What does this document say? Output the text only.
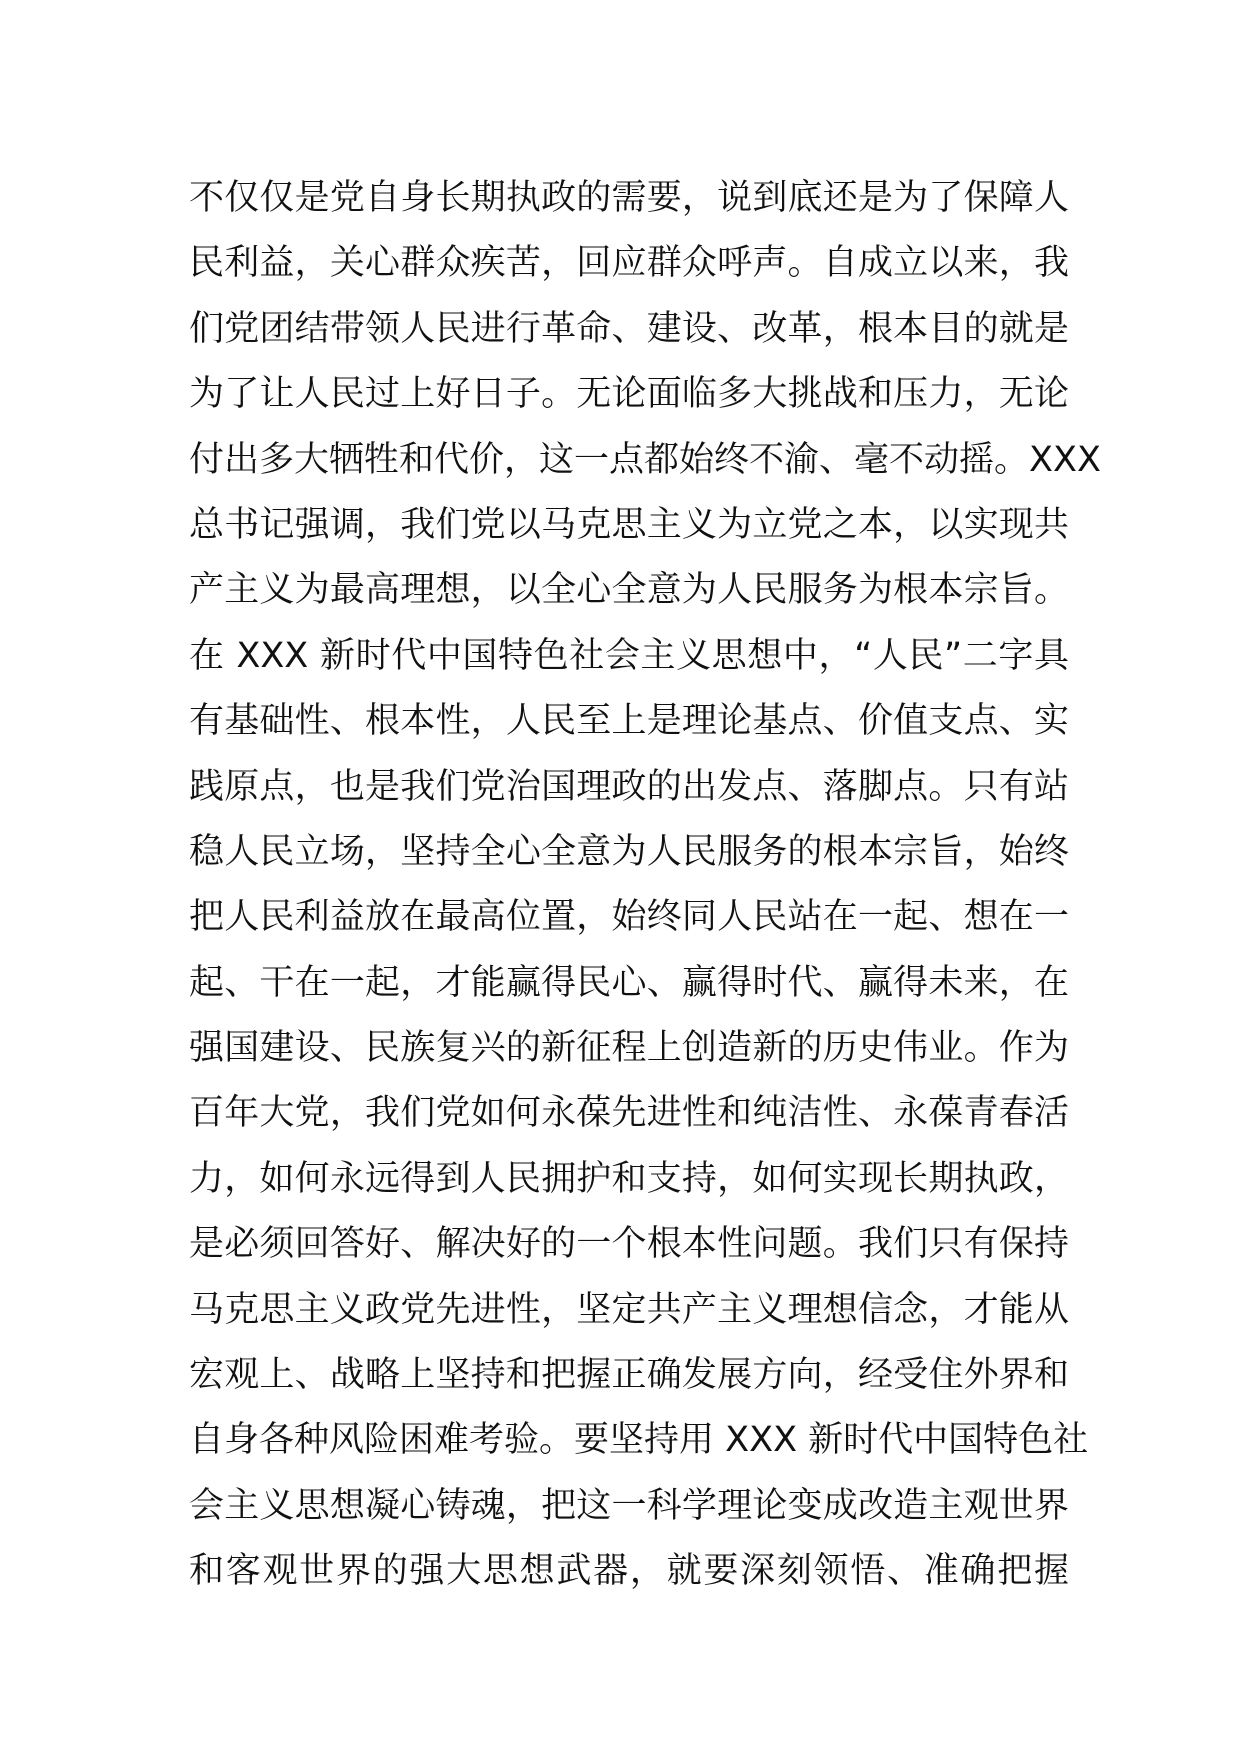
不仅仅是党自身长期执政的需要，说到底还是为了保障人
民利益，关心群众疾苦，回应群众呼声。自成立以来，我
们党团结带领人民进行革命、建设、改革，根本目的就是
为了让人民过上好日子。无论面临多大挑战和压力，无论
付出多大牺牲和代价，这一点都始终不渝、毫不动摇。XXX
总书记强调，我们党以马克思主义为立党之本，以实现共
产主义为最高理想，以全心全意为人民服务为根本宗旨。
在 XXX 新时代中国特色社会主义思想中，“人民”二字具
有基础性、根本性，人民至上是理论基点、价值支点、实
践原点，也是我们党治国理政的出发点、落脚点。只有站
稳人民立场，坚持全心全意为人民服务的根本宗旨，始终
把人民利益放在最高位置，始终同人民站在一起、想在一
起、干在一起，才能赢得民心、赢得时代、赢得未来，在
强国建设、民族复兴的新征程上创造新的历史伟业。作为
百年大党，我们党如何永葆先进性和纯洁性、永葆青春活
力，如何永远得到人民拥护和支持，如何实现长期执政，
是必须回答好、解决好的一个根本性问题。我们只有保持
马克思主义政党先进性，坚定共产主义理想信念，才能从
宏观上、战略上坚持和把握正确发展方向，经受住外界和
自身各种风险困难考验。要坚持用 XXX 新时代中国特色社
会主义思想凝心铸魂，把这一科学理论变成改造主观世界
和客观世界的强大思想武器，就要深刻领悟、准确把握
